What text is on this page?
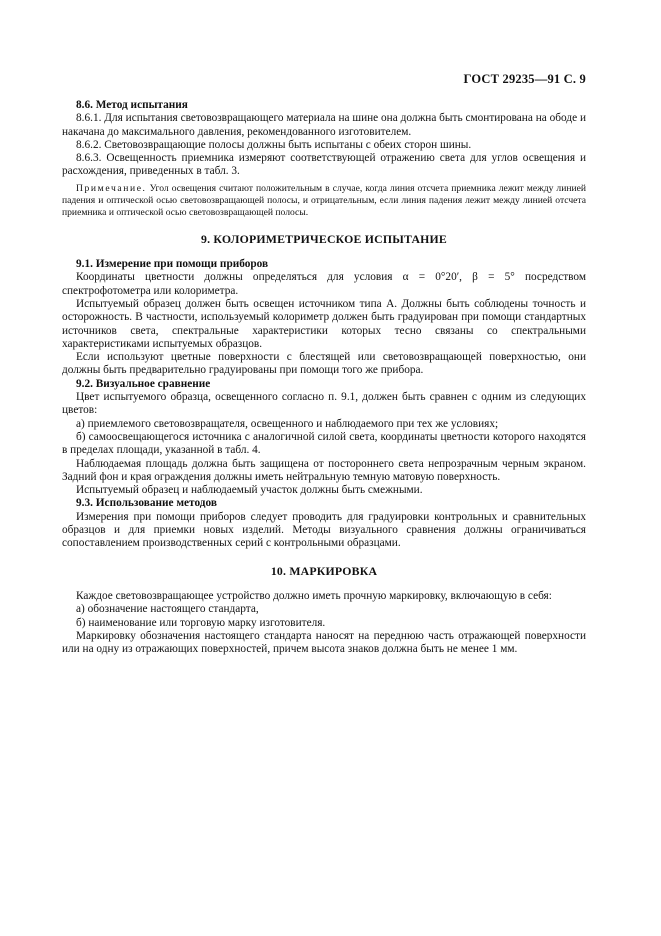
ГОСТ 29235—91 С. 9

8.6. Метод испытания

8.6.1. Для испытания световозвращающего материала на шине она должна быть смонтирована на ободе и накачана до максимального давления, рекомендованного изготовителем.

8.6.2. Световозвращающие полосы должны быть испытаны с обеих сторон шины.

8.6.3. Освещенность приемника измеряют соответствующей отражению света для углов освещения и расхождения, приведенных в табл. 3.

Примечание. Угол освещения считают положительным в случае, когда линия отсчета приемника лежит между линией падения и оптической осью световозвращающей полосы, и отрицательным, если линия падения лежит между линией отсчета приемника и оптической осью световозвращающей полосы.

9. КОЛОРИМЕТРИЧЕСКОЕ ИСПЫТАНИЕ

9.1. Измерение при помощи приборов

Координаты цветности должны определяться для условия α = 0°20′, β = 5° посредством спектрофотометра или колориметра.

Испытуемый образец должен быть освещен источником типа А. Должны быть соблюдены точность и осторожность. В частности, используемый колориметр должен быть градуирован при помощи стандартных источников света, спектральные характеристики которых тесно связаны со спектральными характеристиками испытуемых образцов.

Если используют цветные поверхности с блестящей или световозвращающей поверхностью, они должны быть предварительно градуированы при помощи того же прибора.

9.2. Визуальное сравнение

Цвет испытуемого образца, освещенного согласно п. 9.1, должен быть сравнен с одним из следующих цветов:

а) приемлемого световозвращателя, освещенного и наблюдаемого при тех же условиях;

б) самоосвещающегося источника с аналогичной силой света, координаты цветности которого находятся в пределах площади, указанной в табл. 4.

Наблюдаемая площадь должна быть защищена от постороннего света непрозрачным черным экраном. Задний фон и края ограждения должны иметь нейтральную темную матовую поверхность.

Испытуемый образец и наблюдаемый участок должны быть смежными.

9.3. Использование методов

Измерения при помощи приборов следует проводить для градуировки контрольных и сравнительных образцов и для приемки новых изделий. Методы визуального сравнения должны ограничиваться сопоставлением производственных серий с контрольными образцами.

10. МАРКИРОВКА

Каждое световозвращающее устройство должно иметь прочную маркировку, включающую в себя:

а) обозначение настоящего стандарта,

б) наименование или торговую марку изготовителя.

Маркировку обозначения настоящего стандарта наносят на переднюю часть отражающей поверхности или на одну из отражающих поверхностей, причем высота знаков должна быть не менее 1 мм.
